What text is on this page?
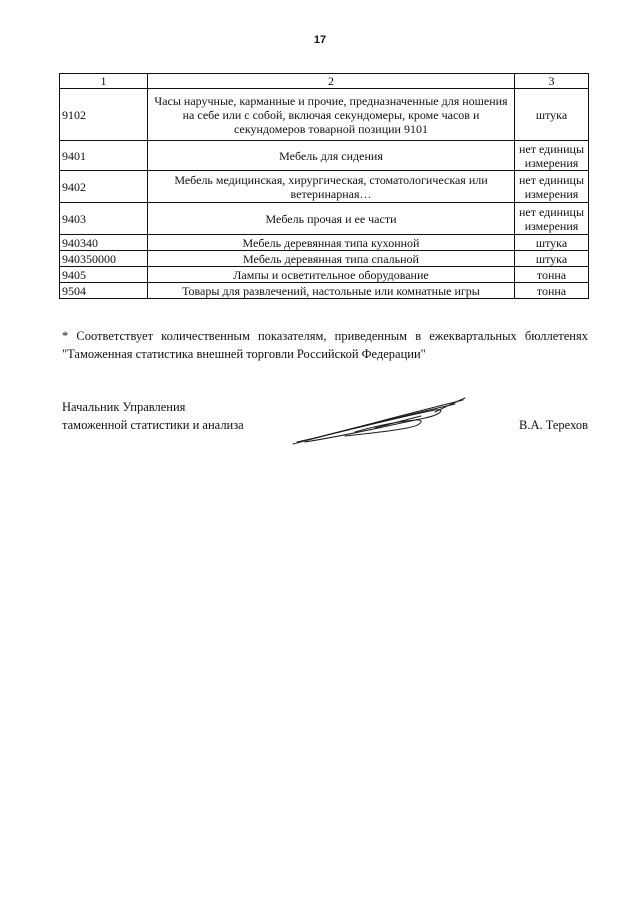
17
1	2	3
9102	Часы наручные, карманные и прочие, предназначенные для ношения на себе или с собой, включая секундомеры, кроме часов и секундомеров товарной позиции 9101	штука
9401	Мебель для сидения	нет единицы измерения
9402	Мебель медицинская, хирургическая, стоматологическая или ветеринарная…	нет единицы измерения
9403	Мебель прочая и ее части	нет единицы измерения
940340	Мебель деревянная типа кухонной	штука
940350000	Мебель деревянная типа спальной	штука
9405	Лампы и осветительное оборудование	тонна
9504	Товары для развлечений, настольные или комнатные игры	тонна
* Соответствует количественным показателям, приведенным в ежеквартальных бюллетенях "Таможенная статистика внешней торговли Российской Федерации"
Начальник Управления
таможенной статистики и анализа	В.А. Терехов
